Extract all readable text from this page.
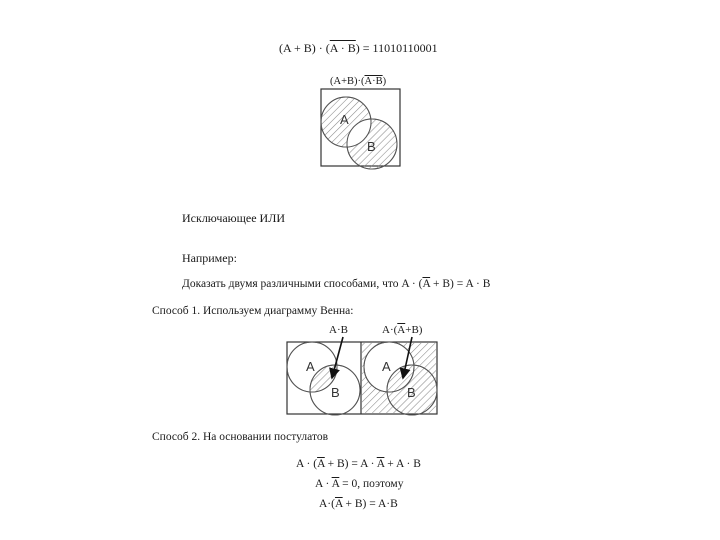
(A + B) · (A · B) = 11010110001
(A+B)·(A·B)
A
B
Исключающее ИЛИ
Например:
Доказать двумя различными способами, что $A \cdot (\overline{A} + B) = A \cdot B$
Способ 1. Используем диаграмму Венна:
A·B	$A\cdot(\overline{A}+B)$
A
B
A
B
Способ 2. На основании постулатов
$A \cdot (\overline{A} + B) = A \cdot \overline{A} + A \cdot B$
$A \cdot \overline{A} = 0$, поэтому
$A\cdot(\overline{A} + B) = A\cdot B$
